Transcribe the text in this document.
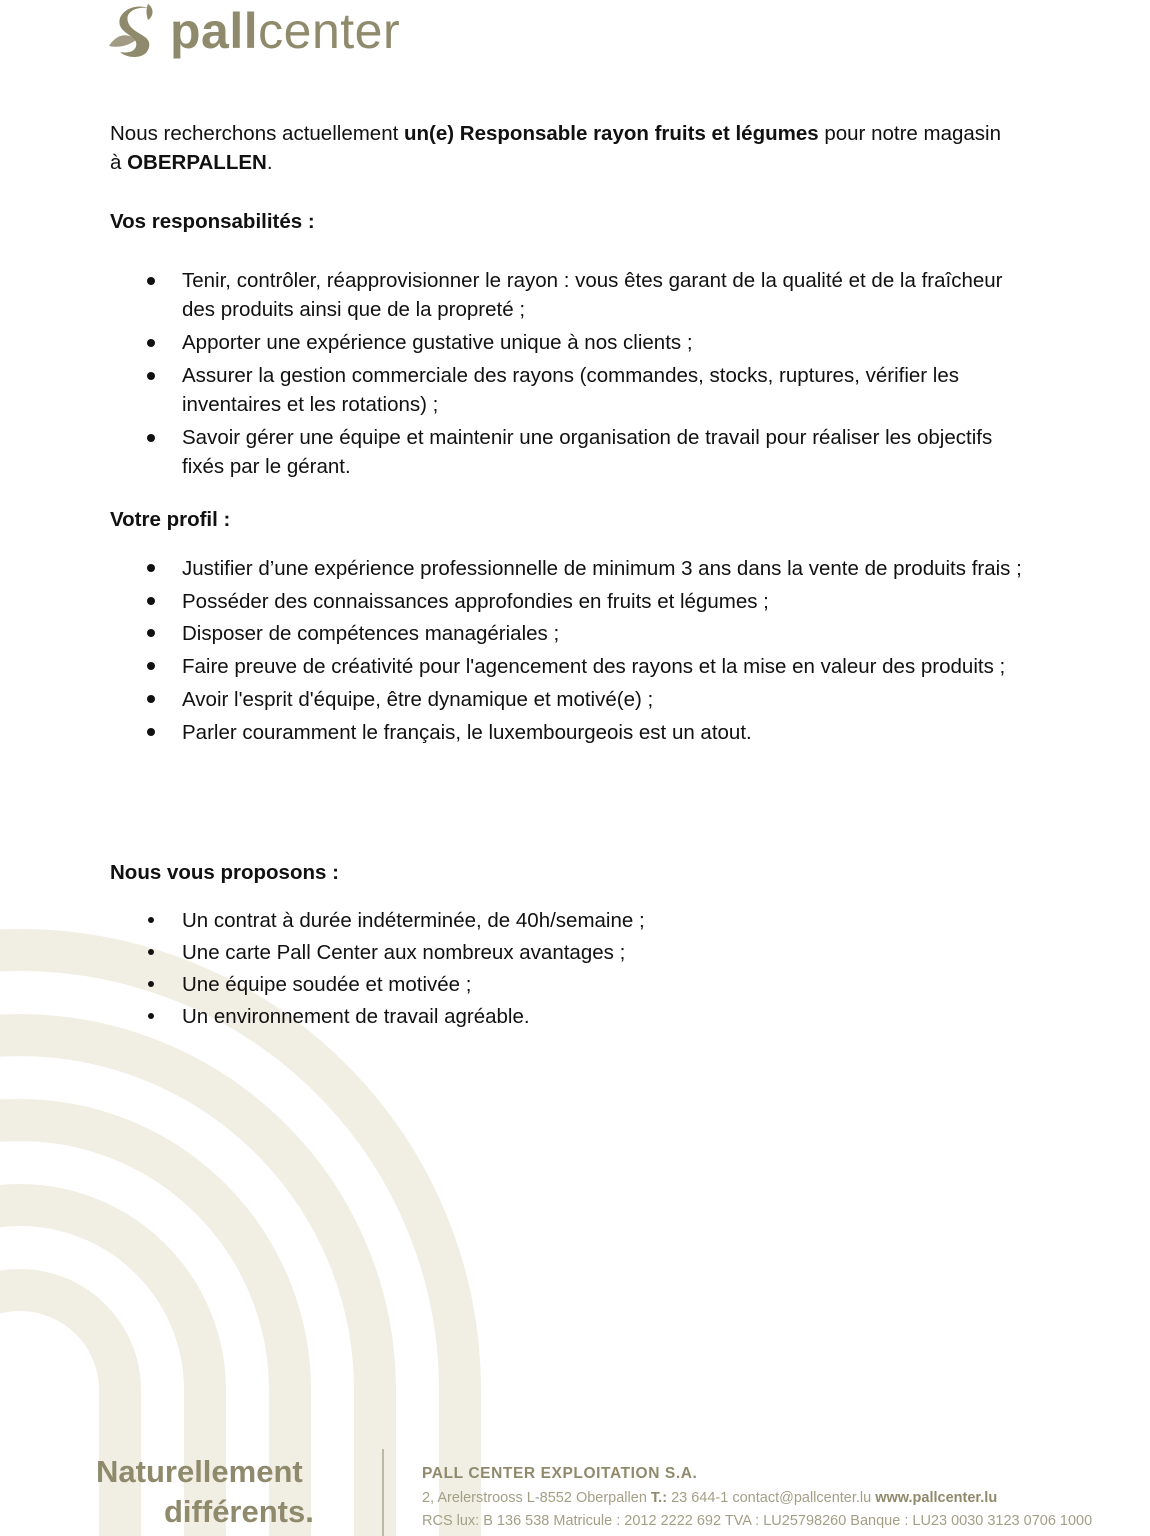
pallcenter

Nous recherchons actuellement un(e) Responsable rayon fruits et légumes pour notre magasin à OBERPALLEN.

Vos responsabilités :
Tenir, contrôler, réapprovisionner le rayon : vous êtes garant de la qualité et de la fraîcheur des produits ainsi que de la propreté ;
Apporter une expérience gustative unique à nos clients ;
Assurer la gestion commerciale des rayons (commandes, stocks, ruptures, vérifier les inventaires et les rotations) ;
Savoir gérer une équipe et maintenir une organisation de travail pour réaliser les objectifs fixés par le gérant.
Votre profil :
Justifier d’une expérience professionnelle de minimum 3 ans dans la vente de produits frais ;
Posséder des connaissances approfondies en fruits et légumes ;
Disposer de compétences managériales ;
Faire preuve de créativité pour l'agencement des rayons et la mise en valeur des produits ;
Avoir l'esprit d'équipe, être dynamique et motivé(e) ;
Parler couramment le français, le luxembourgeois est un atout.
Nous vous proposons :
Un contrat à durée indéterminée, de 40h/semaine ;
Une carte Pall Center aux nombreux avantages ;
Une équipe soudée et motivée ;
Un environnement de travail agréable.
Naturellement
différents.
PALL CENTER EXPLOITATION S.A.
2, Arelerstrooss L-8552 Oberpallen T.: 23 644-1 contact@pallcenter.lu www.pallcenter.lu
RCS lux: B 136 538 Matricule : 2012 2222 692 TVA : LU25798260 Banque : LU23 0030 3123 0706 1000
